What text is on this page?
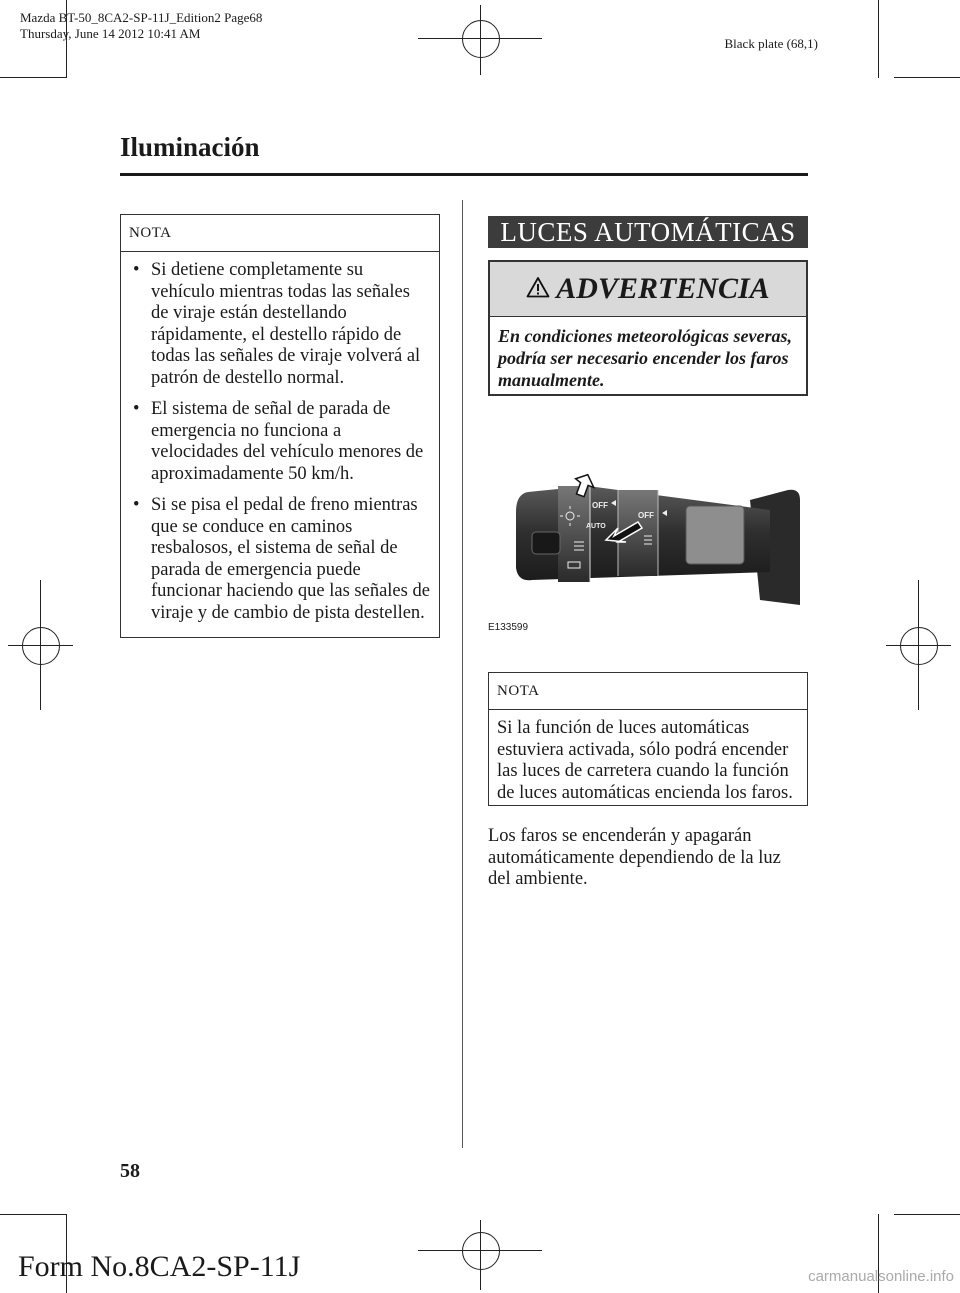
Mazda BT-50_8CA2-SP-11J_Edition2 Page68
Thursday, June 14 2012 10:41 AM
Black plate (68,1)
Iluminación
NOTA
• Si detiene completamente su vehículo mientras todas las señales de viraje están destellando rápidamente, el destello rápido de todas las señales de viraje volverá al patrón de destello normal.
• El sistema de señal de parada de emergencia no funciona a velocidades del vehículo menores de aproximadamente 50 km/h.
• Si se pisa el pedal de freno mientras que se conduce en caminos resbalosos, el sistema de señal de parada de emergencia puede funcionar haciendo que las señales de viraje y de cambio de pista destellen.
LUCES AUTOMÁTICAS
ADVERTENCIA
En condiciones meteorológicas severas, podría ser necesario encender los faros manualmente.
OFF
OFF
AUTO
E133599
NOTA
Si la función de luces automáticas estuviera activada, sólo podrá encender las luces de carretera cuando la función de luces automáticas encienda los faros.
Los faros se encenderán y apagarán automáticamente dependiendo de la luz del ambiente.
58
Form No.8CA2-SP-11J	carmanualsonline.info
